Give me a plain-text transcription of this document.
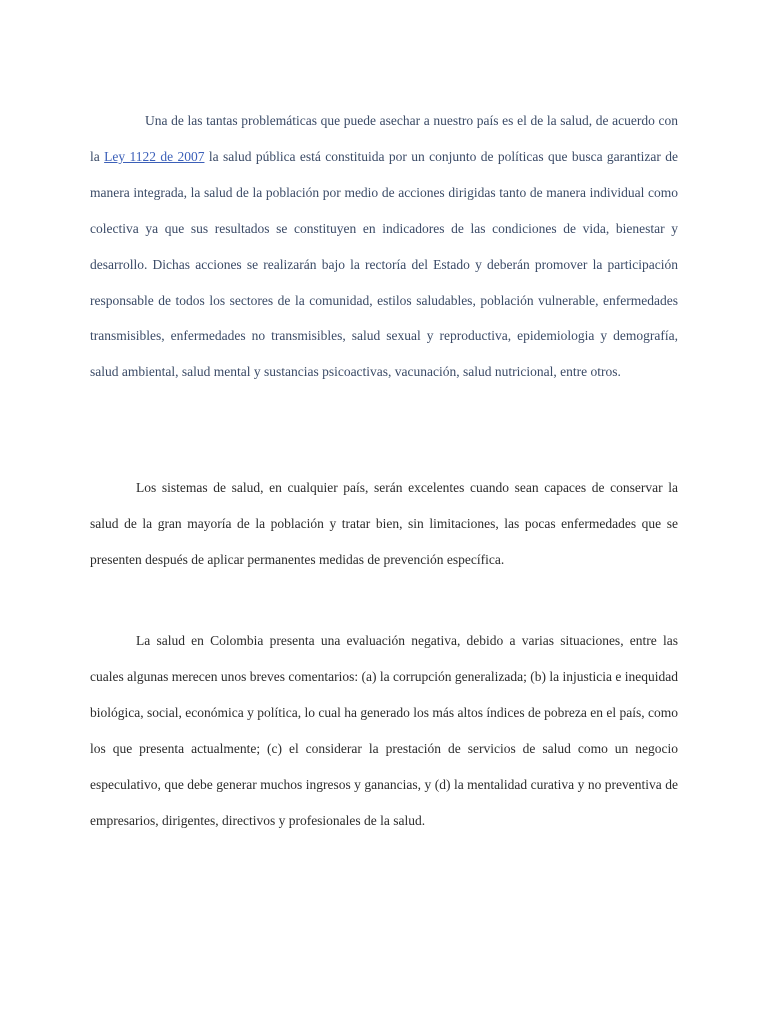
Una de las tantas problemáticas que puede asechar a nuestro país es el de la salud, de acuerdo con la Ley 1122 de 2007 la salud pública está constituida por un conjunto de políticas que busca garantizar de manera integrada, la salud de la población por medio de acciones dirigidas tanto de manera individual como colectiva ya que sus resultados se constituyen en indicadores de las condiciones de vida, bienestar y desarrollo. Dichas acciones se realizarán bajo la rectoría del Estado y deberán promover la participación responsable de todos los sectores de la comunidad, estilos saludables, población vulnerable, enfermedades transmisibles, enfermedades no transmisibles, salud sexual y reproductiva, epidemiologia y demografía, salud ambiental, salud mental y sustancias psicoactivas, vacunación, salud nutricional, entre otros.

Los sistemas de salud, en cualquier país, serán excelentes cuando sean capaces de conservar la salud de la gran mayoría de la población y tratar bien, sin limitaciones, las pocas enfermedades que se presenten después de aplicar permanentes medidas de prevención específica.

La salud en Colombia presenta una evaluación negativa, debido a varias situaciones, entre las cuales algunas merecen unos breves comentarios: (a) la corrupción generalizada; (b) la injusticia e inequidad biológica, social, económica y política, lo cual ha generado los más altos índices de pobreza en el país, como los que presenta actualmente; (c) el considerar la prestación de servicios de salud como un negocio especulativo, que debe generar muchos ingresos y ganancias, y (d) la mentalidad curativa y no preventiva de empresarios, dirigentes, directivos y profesionales de la salud.
